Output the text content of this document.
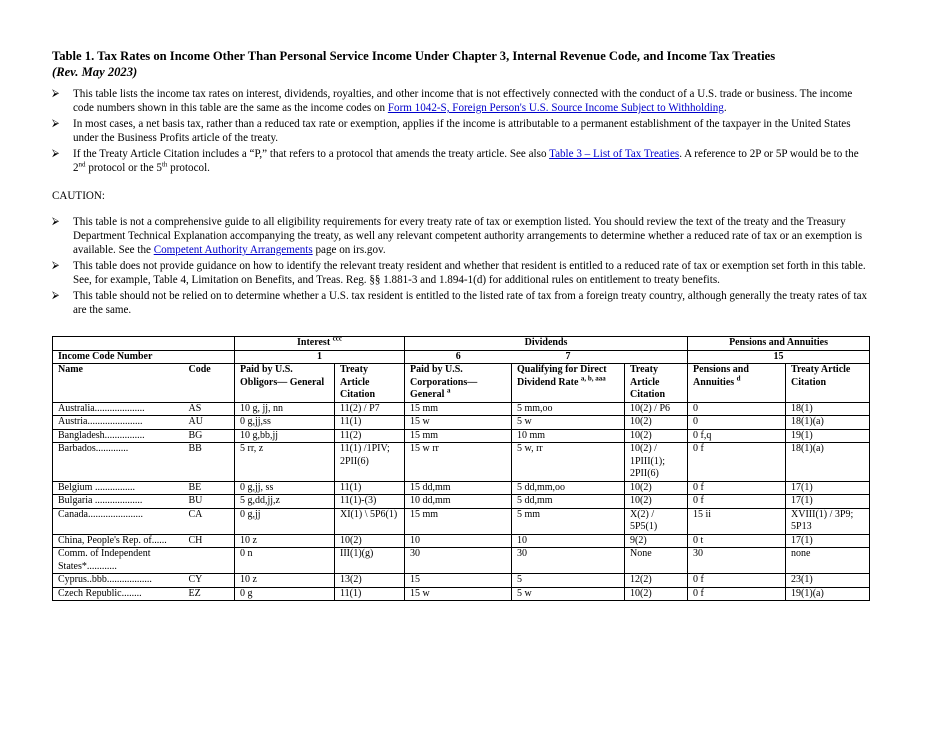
Table 1. Tax Rates on Income Other Than Personal Service Income Under Chapter 3, Internal Revenue Code, and Income Tax Treaties

(Rev. May 2023)

⮚ This table lists the income tax rates on interest, dividends, royalties, and other income that is not effectively connected with the conduct of a U.S. trade or business. The income code numbers shown in this table are the same as the income codes on Form 1042-S, Foreign Person's U.S. Source Income Subject to Withholding.
⮚ In most cases, a net basis tax, rather than a reduced tax rate or exemption, applies if the income is attributable to a permanent establishment of the taxpayer in the United States under the Business Profits article of the treaty.
⮚ If the Treaty Article Citation includes a “P,” that refers to a protocol that amends the treaty article. See also Table 3 – List of Tax Treaties. A reference to 2P or 5P would be to the 2nd protocol or the 5th protocol.

CAUTION:

⮚ This table is not a comprehensive guide to all eligibility requirements for every treaty rate of tax or exemption listed. You should review the text of the treaty and the Treasury Department Technical Explanation accompanying the treaty, as well any relevant competent authority arrangements to determine whether a reduced rate of tax or an exemption is available. See the Competent Authority Arrangements page on irs.gov.
⮚ This table does not provide guidance on how to identify the relevant treaty resident and whether that resident is entitled to a reduced rate of tax or exemption set forth in this table. See, for example, Table 4, Limitation on Benefits, and Treas. Reg. §§ 1.881-3 and 1.894-1(d) for additional rules on entitlement to treaty benefits.
⮚ This table should not be relied on to determine whether a U.S. tax resident is entitled to the listed rate of tax from a foreign treaty country, although generally the treaty rates of tax are the same.
		Interest $^{ccc}$		Dividends			Pensions and Annuities	
Income Code Number		1		6	7		15	
Name	Code	Paid by U.S. Obligors— General	Treaty Article Citation	Paid by U.S. Corporations— General $^a$	Qualifying for Direct Dividend Rate $^{a, b, aaa}$	Treaty Article Citation	Pensions and Annuities $^d$	Treaty Article Citation
Australia....................	AS	10 g, jj, nn	11(2) / P7	15 mm	5 mm,oo	10(2) / P6	0	18(1)
Austria......................	AU	0 g,jj,ss	11(1)	15 w	5 w	10(2)	0	18(1)(a)
Bangladesh................	BG	10 g,bb,jj	11(2)	15 mm	10 mm	10(2)	0 f,q	19(1)
Barbados.............	BB	5 rr, z	11(1) /1PIV; 2PII(6)	15 w rr	5 w, rr	10(2) / 1PIII(1); 2PII(6)	0 f	18(1)(a)
Belgium ................	BE	0 g,jj, ss	11(1)	15 dd,mm	5 dd,mm,oo	10(2)	0 f	17(1)
Bulgaria ...................	BU	5 g,dd,jj,z	11(1)-(3)	10 dd,mm	5 dd,mm	10(2)	0 f	17(1)
Canada......................	CA	0 g,jj	XI(1) \ 5P6(1)	15 mm	5 mm	X(2) / 5P5(1)	15 ii	XVIII(1) / 3P9; 5P13
China, People's Rep. of......	CH	10 z	10(2)	10	10	9(2)	0 t	17(1)
Comm. of Independent States*............		0 n	III(1)(g)	30	30	None	30	none
Cyprus..bbb..................	CY	10 z	13(2)	15	5	12(2)	0 f	23(1)
Czech Republic........	EZ	0 g	11(1)	15 w	5 w	10(2)	0 f	19(1)(a)
